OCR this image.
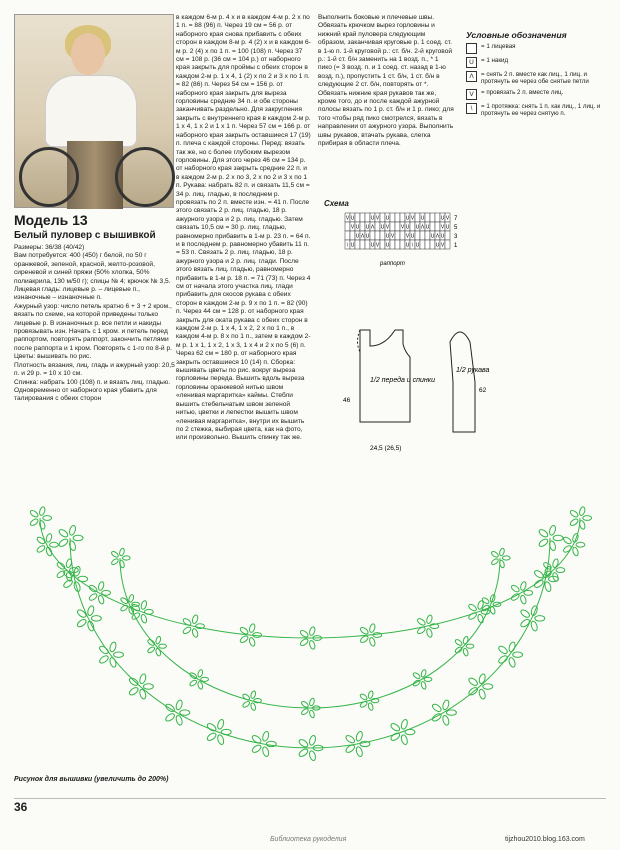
Модель 13
Белый пуловер с вышивкой
Размеры: 36/38 (40/42)
Вам потребуется: 400 (450) г белой, по 50 г оранжевой, зеленой, красной, желто-розовой, сиреневой и синей пряжи (50% хлопка, 50% полиакрила, 130 м/50 г); спицы № 4; крючок № 3,5.
Лицевая гладь: лицевые р. – лицевые п., изнаночные – изнаночные п.
Ажурный узор: число петель кратно 6 + 3 + 2 кром., вязать по схеме, на которой приведены только лицевые р. В изнаночных р. все петли и накиды провязывать изн. Начать с 1 кром. и петель перед раппортом, повторять раппорт, закончить петлями после раппорта и 1 кром. Повторять с 1-го по 8-й р.
Цветы: вышивать по рис.
Плотность вязания, лиц. гладь и ажурный узор: 20,5 п. и 29 р. = 10 х 10 см.
Спинка: набрать 100 (108) п. и вязать лиц. гладью. Одновременно от наборного края убавить для талирования с обеих сторон
в каждом 6-м р. 4 х и в каждом 4-м р. 2 х по 1 п. = 88 (96) п. Через 19 см = 56 р. от наборного края снова прибавить с обеих сторон в каждом 8-м р. 4 (2) х и в каждом 6-м р. 2 (4) х по 1 п. = 100 (108) п. Через 37 см = 108 р. (36 см = 104 р.) от наборного края закрыть для проймы с обеих сторон в каждом 2-м р. 1 х 4, 1 (2) х по 2 и 3 х по 1 п. = 82 (86) п. Через 54 см = 156 р. от наборного края закрыть для выреза горловины средние 34 п. и обе стороны заканчивать раздельно. Для закругления закрыть с внутреннего края в каждом 2-м р. 1 х 4, 1 х 2 и 1 х 1 п. Через 57 см = 166 р. от наборного края закрыть оставшиеся 17 (19) п. плеча с каждой стороны. Перед: вязать так же, но с более глубоким вырезом горловины. Для этого через 46 см = 134 р. от наборного края закрыть средние 22 п. и в каждом 2-м р. 2 х по 3, 2 х по 2 и 3 х по 1 п. Рукава: набрать 82 п. и связать 11,5 см = 34 р. лиц. гладью, в последнем р. провязать по 2 п. вместе изн. = 41 п. После этого связать 2 р. лиц. гладью, 18 р. ажурного узора и 2 р. лиц. гладью. Затем связать 10,5 см = 30 р. лиц. гладью, равномерно прибавить в 1-м р. 23 п. = 64 п. и в последнем р. равномерно убавить 11 п. = 53 п. Связать 2 р. лиц. гладью, 18 р. ажурного узора и 2 р. лиц. глади. После этого вязать лиц. гладью, равномерно прибавить в 1-м р. 18 п. = 71 (73) п. Через 4 см от начала этого участка лиц. глади прибавить для скосов рукава с обеих сторон в каждом 2-м р. 9 х по 1 п. = 82 (90) п. Через 44 см = 128 р. от наборного края закрыть для оката рукава с обеих сторон в каждом 2-м р. 1 х 4, 1 х 2, 2 х по 1 п., в каждом 4-м р. 8 х по 1 п., затем в каждом 2-м р. 1 х 1, 1 х 2, 1 х 3, 1 х 4 и 2 х по 5 (6) п. Через 62 см = 180 р. от наборного края закрыть оставшиеся 10 (14) п. Сборка: вышивать цветы по рис. вокруг выреза горловины переда. Вышить вдоль выреза горловины оранжевой нитью швом «ленивая маргаритка» каймы. Стебли вышить стебельчатым швом зеленой нитью, цветки и лепестки вышить швом «ленивая маргаритка», внутри их вышить по 2 стежка, выбирая цвета, как на фото, или произвольно. Вышить спинку так же.
Выполнить боковые и плечевые швы. Обвязать крючком вырез горловины и нижний край пуловера следующим образом, заканчивая круговые р. 1 соед. ст. в 1-ю п. 1-й круговой р.: ст. б/н. 2-й круговой р.: 1-й ст. б/н заменить на 1 возд. п., * 1 пико (= 3 возд. п. и 1 соед. ст. назад в 1-ю возд. п.), пропустить 1 ст. б/н, 1 ст. б/н в следующие 2 ст. б/н, повторять от *. Обвязать нижние края рукавов так же, кроме того, до и после каждой ажурной полосы вязать по 1 р. ст. б/н и 1 р. пико; для того чтобы ряд пико смотрелся, вязать в направлении от ажурного узора. Выполнить швы рукавов, втачать рукава, слегка прибирая в области плеча.
Условные обозначения
= 1 лицевая
U	= 1 накид
Λ	= снять 2 п. вместе как лиц., 1 лиц. и протянуть ее через обе снятые петли
V	= провязать 2 п. вместе лиц.
\	= 1 протяжка: снять 1 п. как лиц., 1 лиц. и протянуть ее через снятую п.
Схема
V U	U V U	U V U	U V 7
V U U Λ U V V U U Λ U V U 5
U Λ U	U V V U	U Λ U 3
\ U	U V U	U \ U	U V 1
раппорт
1/2 переда и спинки
1/2 рукава
24,5 (26,5)
46
62
Рисунок для вышивки (увеличить до 200%)
36
Библиотека рукоделия	tijzhou2010.blog.163.com
